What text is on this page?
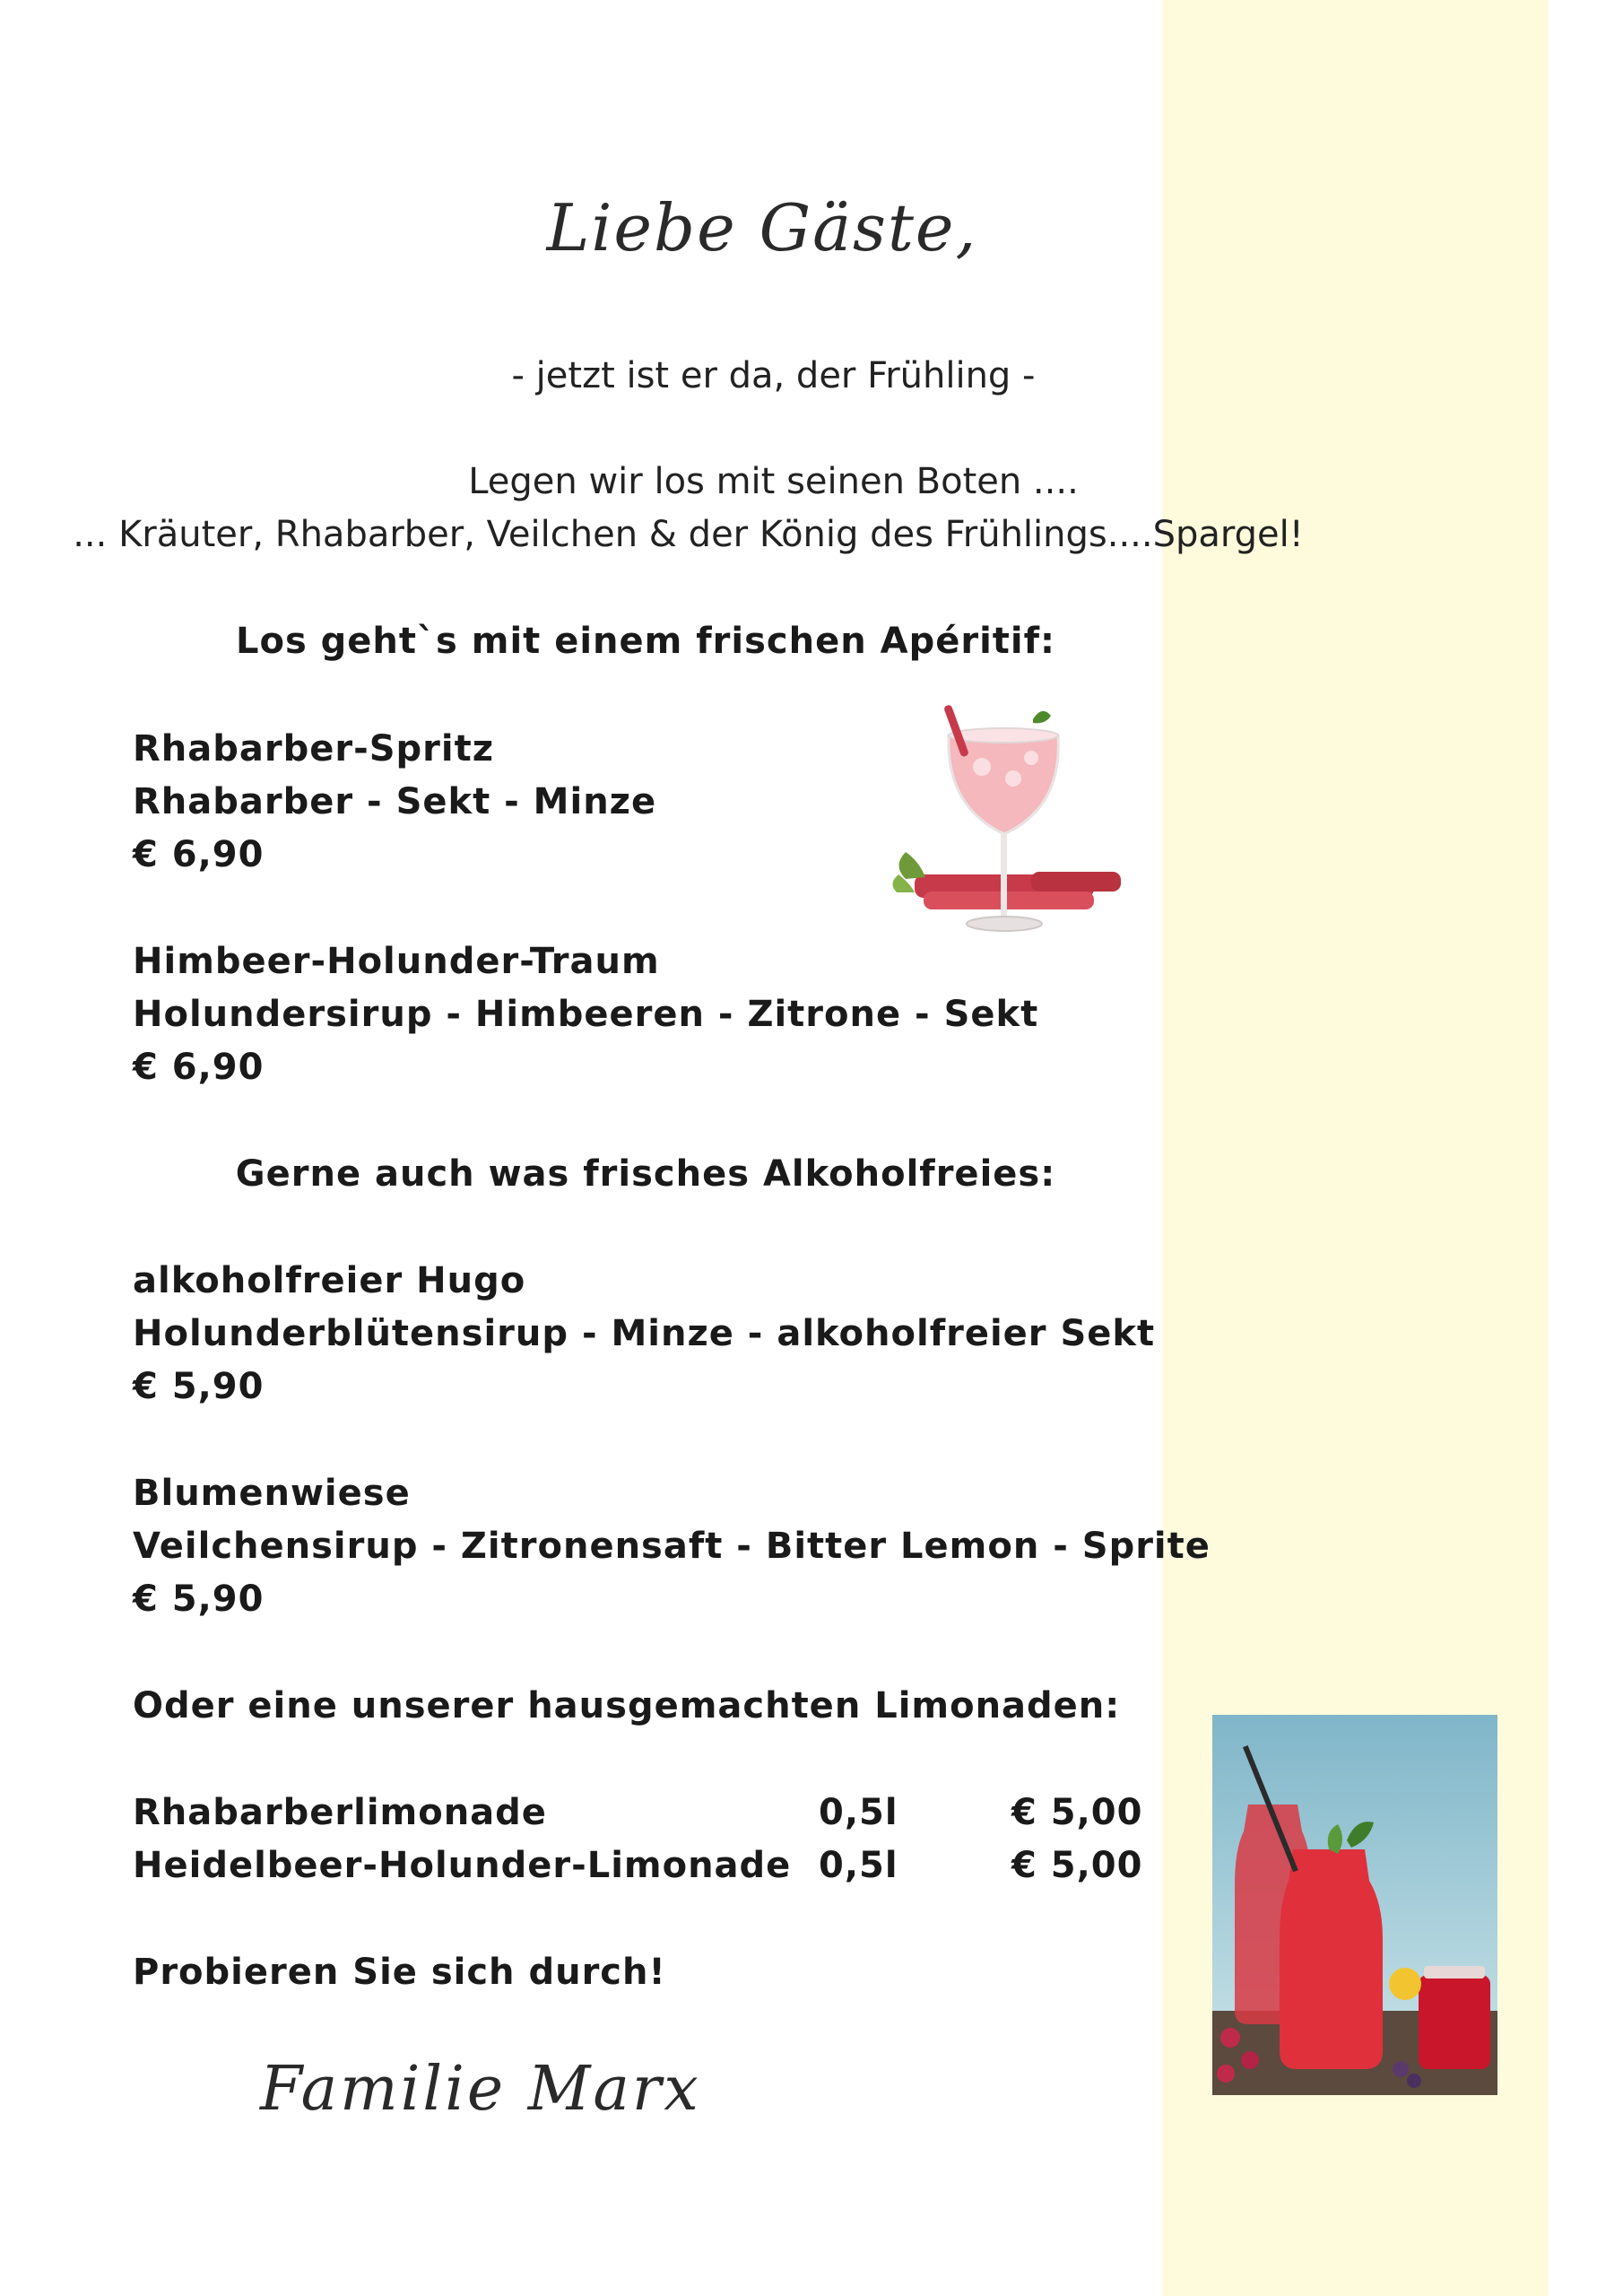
Liebe Gäste,
- jetzt ist er da, der Frühling -
Legen wir los mit seinen Boten ....
... Kräuter, Rhabarber, Veilchen & der König des Frühlings....Spargel!
Los geht`s mit einem frischen Apéritif:
Rhabarber-Spritz
Rhabarber - Sekt - Minze
€ 6,90
Himbeer-Holunder-Traum
Holundersirup - Himbeeren - Zitrone - Sekt
€ 6,90
Gerne auch was frisches Alkoholfreies:
alkoholfreier Hugo
Holunderblütensirup - Minze - alkoholfreier Sekt
€ 5,90
Blumenwiese
Veilchensirup - Zitronensaft - Bitter Lemon - Sprite
€ 5,90
Oder eine unserer hausgemachten Limonaden:
Rhabarberlimonade	0,5l	€ 5,00
Heidelbeer-Holunder-Limonade 0,5l	€ 5,00
Probieren Sie sich durch!
Familie Marx
